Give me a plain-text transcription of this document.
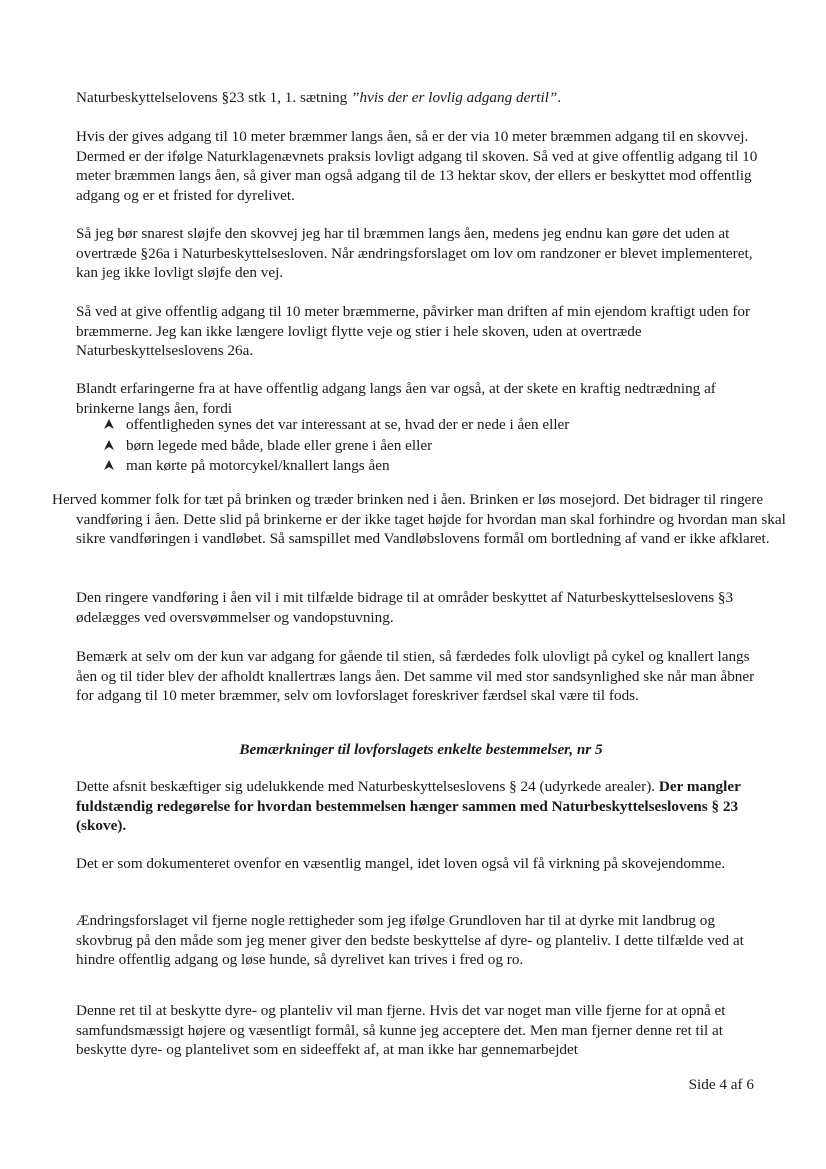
Naturbeskyttelselovens §23 stk 1, 1. sætning ”hvis der er lovlig adgang dertil”.

Hvis der gives adgang til 10 meter bræmmer langs åen, så er der via 10 meter bræmmen adgang til en skovvej. Dermed er der ifølge Naturklagenævnets praksis lovligt adgang til skoven. Så ved at give offentlig adgang til 10 meter bræmmen langs åen, så giver man også adgang til de 13 hektar skov, der ellers er beskyttet mod offentlig adgang og er et fristed for dyrelivet.

Så jeg bør snarest sløjfe den skovvej jeg har til bræmmen langs åen, medens jeg endnu kan gøre det uden at overtræde §26a i Naturbeskyttelsesloven. Når ændringsforslaget om lov om randzoner er blevet implementeret, kan jeg ikke lovligt sløjfe den vej.

Så ved at give offentlig adgang til 10 meter bræmmerne, påvirker man driften af min ejendom kraftigt uden for bræmmerne. Jeg kan ikke længere lovligt flytte veje og stier i hele skoven, uden at overtræde Naturbeskyttelseslovens 26a.

Blandt erfaringerne fra at have offentlig adgang langs åen var også, at der skete en kraftig nedtrædning af brinkerne langs åen, fordi

offentligheden synes det var interessant at se, hvad der er nede i åen eller
børn legede med både, blade eller grene i åen eller
man kørte på motorcykel/knallert langs åen

Herved kommer folk for tæt på brinken og træder brinken ned i åen. Brinken er løs mosejord. Det bidrager til ringere vandføring i åen. Dette slid på brinkerne er der ikke taget højde for hvordan man skal forhindre og hvordan man skal sikre vandføringen i vandløbet. Så samspillet med Vandløbslovens formål om bortledning af vand er ikke afklaret.

Den ringere vandføring i åen vil i mit tilfælde bidrage til at områder beskyttet af Naturbeskyttelseslovens §3 ødelægges ved oversvømmelser og vandopstuvning.

Bemærk at selv om der kun var adgang for gående til stien, så færdedes folk ulovligt på cykel og knallert langs åen og til tider blev der afholdt knallertræs langs åen. Det samme vil med stor sandsynlighed ske når man åbner for adgang til 10 meter bræmmer, selv om lovforslaget foreskriver færdsel skal være til fods.

Bemærkninger til lovforslagets enkelte bestemmelser, nr 5

Dette afsnit beskæftiger sig udelukkende med Naturbeskyttelseslovens § 24 (udyrkede arealer). Der mangler fuldstændig redegørelse for hvordan bestemmelsen hænger sammen med Naturbeskyttelseslovens § 23 (skove).

Det er som dokumenteret ovenfor en væsentlig mangel, idet loven også vil få virkning på skovejendomme.

Ændringsforslaget vil fjerne nogle rettigheder som jeg ifølge Grundloven har til at dyrke mit landbrug og skovbrug på den måde som jeg mener giver den bedste beskyttelse af dyre- og planteliv. I dette tilfælde ved at hindre offentlig adgang og løse hunde, så dyrelivet kan trives i fred og ro.

Denne ret til at beskytte dyre- og planteliv vil man fjerne. Hvis det var noget man ville fjerne for at opnå et samfundsmæssigt højere og væsentligt formål, så kunne jeg acceptere det. Men man fjerner denne ret til at beskytte dyre- og plantelivet som en sideeffekt af, at man ikke har gennemarbejdet

Side 4 af 6
